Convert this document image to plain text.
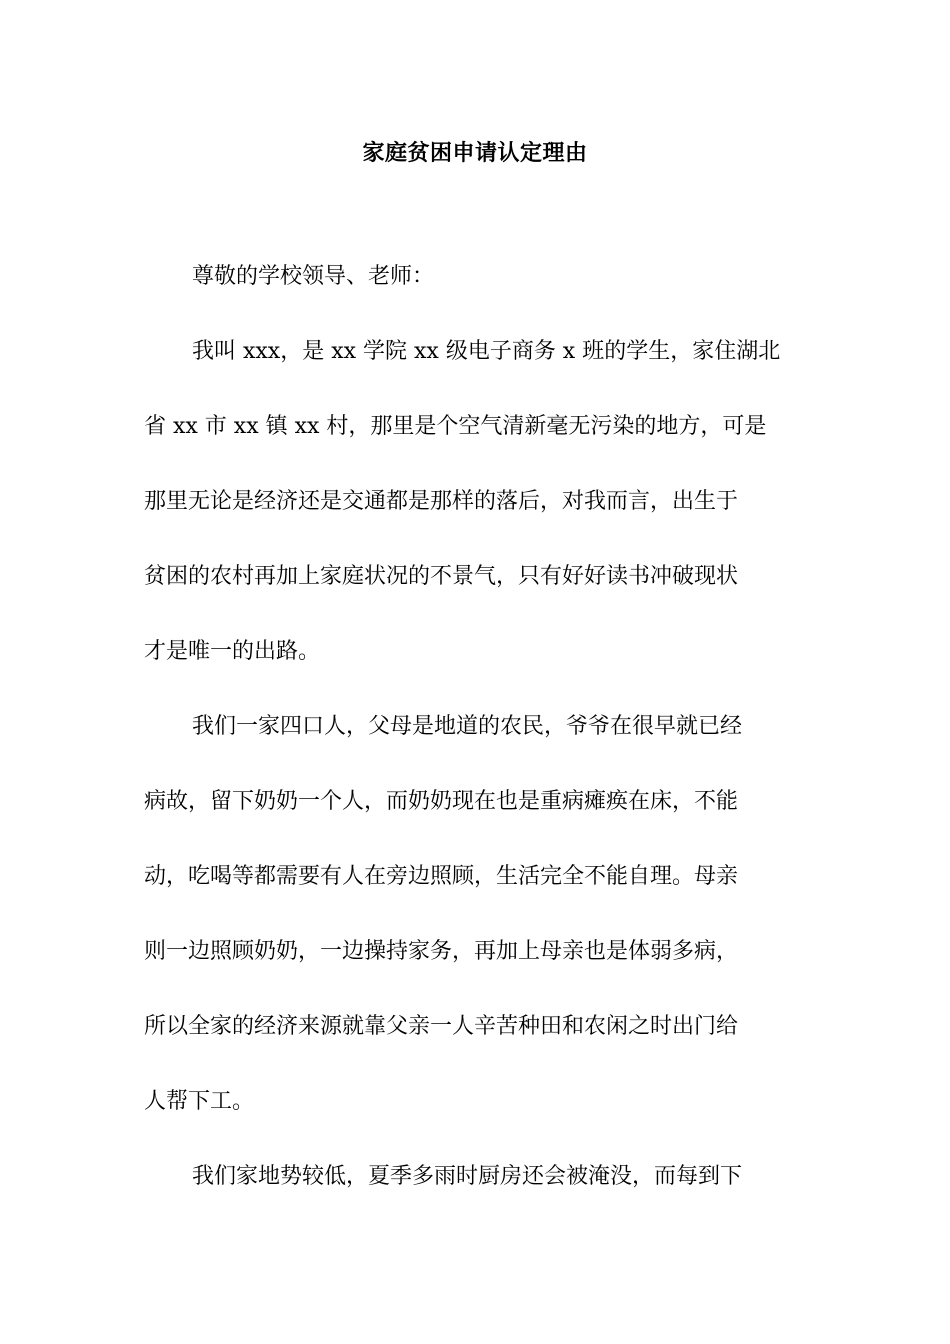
家庭贫困申请认定理由
尊敬的学校领导、老师：
我叫 xxx，是 xx 学院 xx 级电子商务 x 班的学生，家住湖北
省 xx 市 xx 镇 xx 村，那里是个空气清新毫无污染的地方，可是
那里无论是经济还是交通都是那样的落后，对我而言，出生于
贫困的农村再加上家庭状况的不景气，只有好好读书冲破现状
才是唯一的出路。
我们一家四口人，父母是地道的农民，爷爷在很早就已经
病故，留下奶奶一个人，而奶奶现在也是重病瘫痪在床，不能
动，吃喝等都需要有人在旁边照顾，生活完全不能自理。母亲
则一边照顾奶奶，一边操持家务，再加上母亲也是体弱多病，
所以全家的经济来源就靠父亲一人辛苦种田和农闲之时出门给
人帮下工。
我们家地势较低，夏季多雨时厨房还会被淹没，而每到下
